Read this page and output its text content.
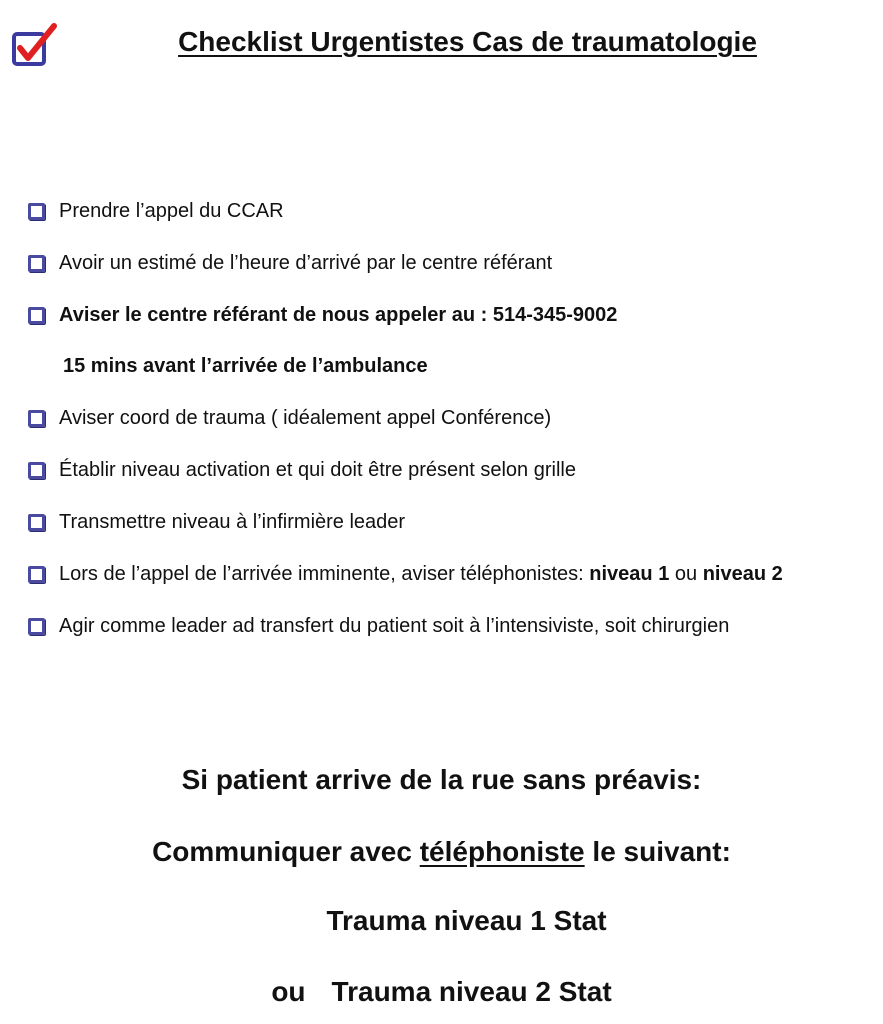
Checklist Urgentistes Cas de traumatologie
Prendre l’appel du CCAR
Avoir un estimé de l’heure d’arrivé par le centre référant
Aviser le centre référant de nous appeler au : 514-345-9002
15 mins avant l’arrivée de l’ambulance
Aviser coord de trauma ( idéalement appel Conférence)
Établir niveau activation et qui doit être présent selon grille
Transmettre niveau à l’infirmière leader
Lors de l’appel de l’arrivée imminente, aviser téléphonistes: niveau 1 ou niveau 2
Agir comme leader ad transfert du patient soit à l’intensiviste, soit chirurgien
Si patient arrive de la rue sans préavis:
Communiquer avec téléphoniste le suivant:
Trauma niveau 1 Stat
ou Trauma niveau 2 Stat
